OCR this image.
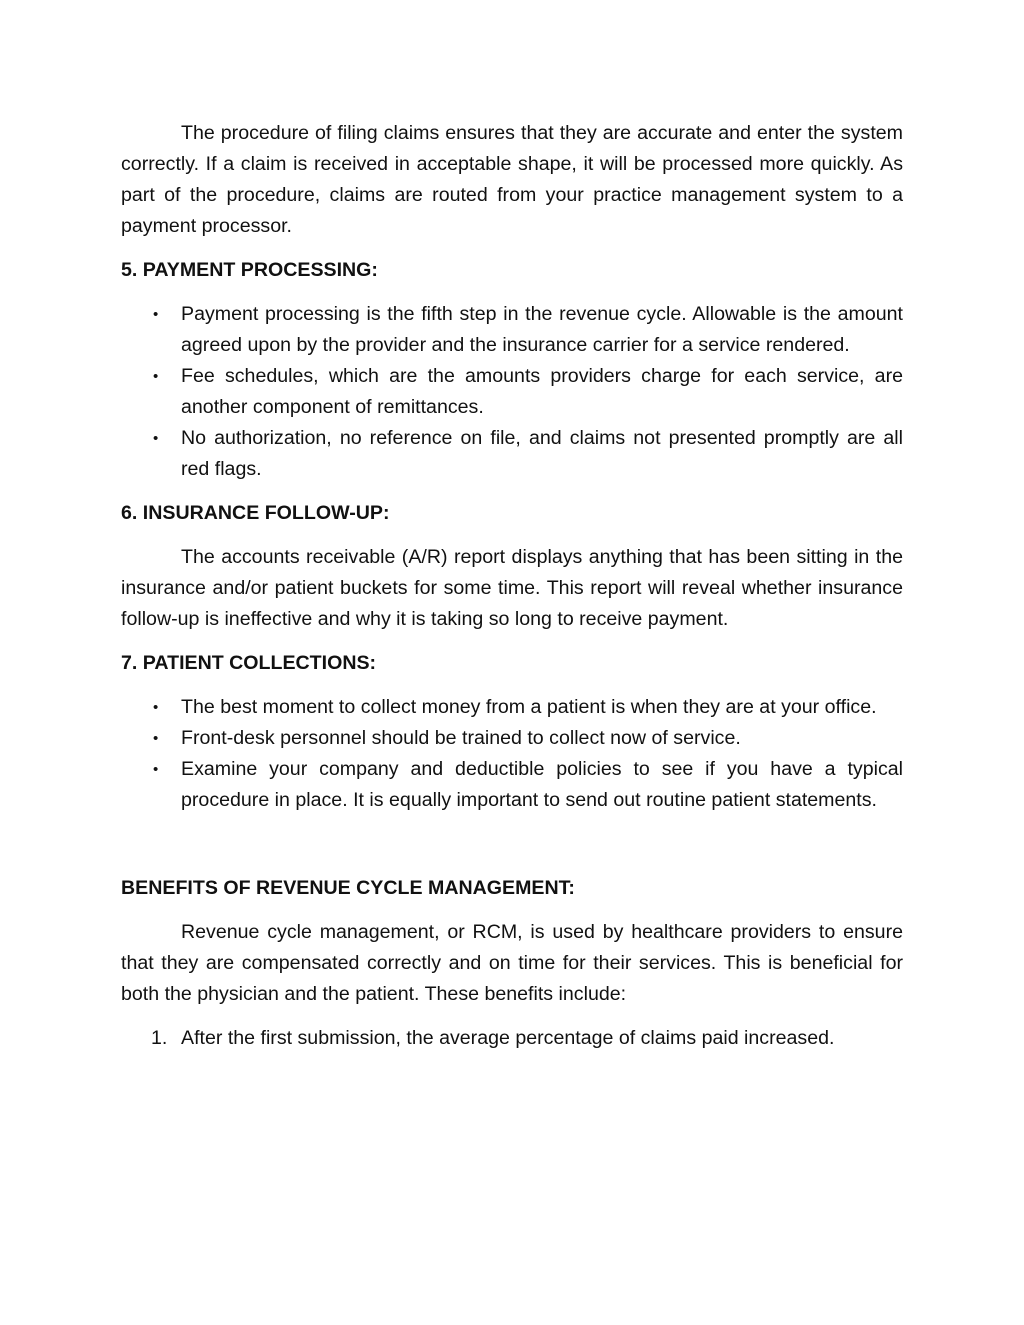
The procedure of filing claims ensures that they are accurate and enter the system correctly. If a claim is received in acceptable shape, it will be processed more quickly. As part of the procedure, claims are routed from your practice management system to a payment processor.

5. PAYMENT PROCESSING:

• Payment processing is the fifth step in the revenue cycle. Allowable is the amount agreed upon by the provider and the insurance carrier for a service rendered.
• Fee schedules, which are the amounts providers charge for each service, are another component of remittances.
• No authorization, no reference on file, and claims not presented promptly are all red flags.

6. INSURANCE FOLLOW-UP:

The accounts receivable (A/R) report displays anything that has been sitting in the insurance and/or patient buckets for some time. This report will reveal whether insurance follow-up is ineffective and why it is taking so long to receive payment.

7. PATIENT COLLECTIONS:

• The best moment to collect money from a patient is when they are at your office.
• Front-desk personnel should be trained to collect now of service.
• Examine your company and deductible policies to see if you have a typical procedure in place. It is equally important to send out routine patient statements.

BENEFITS OF REVENUE CYCLE MANAGEMENT:

Revenue cycle management, or RCM, is used by healthcare providers to ensure that they are compensated correctly and on time for their services. This is beneficial for both the physician and the patient. These benefits include:

1. After the first submission, the average percentage of claims paid increased.
